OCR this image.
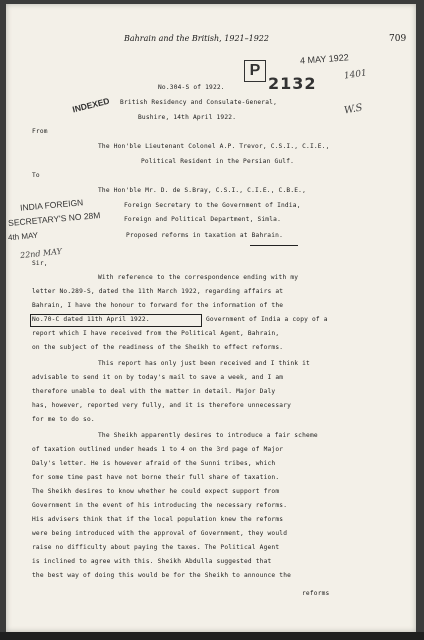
Bahrain and the British, 1921–1922	709
P
2132
4 MAY 1922
1401
W.S
INDEXED
INDIA FOREIGN
SECRETARY'S NO 28M
4th MAY
22nd MAY
No.304-S of 1922.
British Residency and Consulate-General,
Bushire, 14th April 1922.
From
The Hon'ble Lieutenant Colonel A.P. Trevor, C.S.I., C.I.E.,
Political Resident in the Persian Gulf.
To
The Hon'ble Mr. D. de S.Bray, C.S.I., C.I.E., C.B.E.,
Foreign Secretary to the Government of India,
Foreign and Political Department, Simla.
Proposed reforms in taxation at Bahrain.
Sir,
With reference to the correspondence ending with my
letter No.289-S, dated the 11th March 1922, regarding affairs at
Bahrain, I have the honour to forward for the information of the
No.70-C dated 11th April 1922.	Government of India a copy of a
report which I have received from the Political Agent, Bahrain,
on the subject of the readiness of the Sheikh to effect reforms.
This report has only just been received and I think it
advisable to send it on by today's mail to save a week, and I am
therefore unable to deal with the matter in detail. Major Daly
has, however, reported very fully, and it is therefore unnecessary
for me to do so.
The Sheikh apparently desires to introduce a fair scheme
of taxation outlined under heads 1 to 4 on the 3rd page of Major
Daly's letter. He is however afraid of the Sunni tribes, which
for some time past have not borne their full share of taxation.
The Sheikh desires to know whether he could expect support from
Government in the event of his introducing the necessary reforms.
His advisers think that if the local population knew the reforms
were being introduced with the approval of Government, they would
raise no difficulty about paying the taxes. The Political Agent
is inclined to agree with this. Sheikh Abdulla suggested that
the best way of doing this would be for the Sheikh to announce the
reforms
